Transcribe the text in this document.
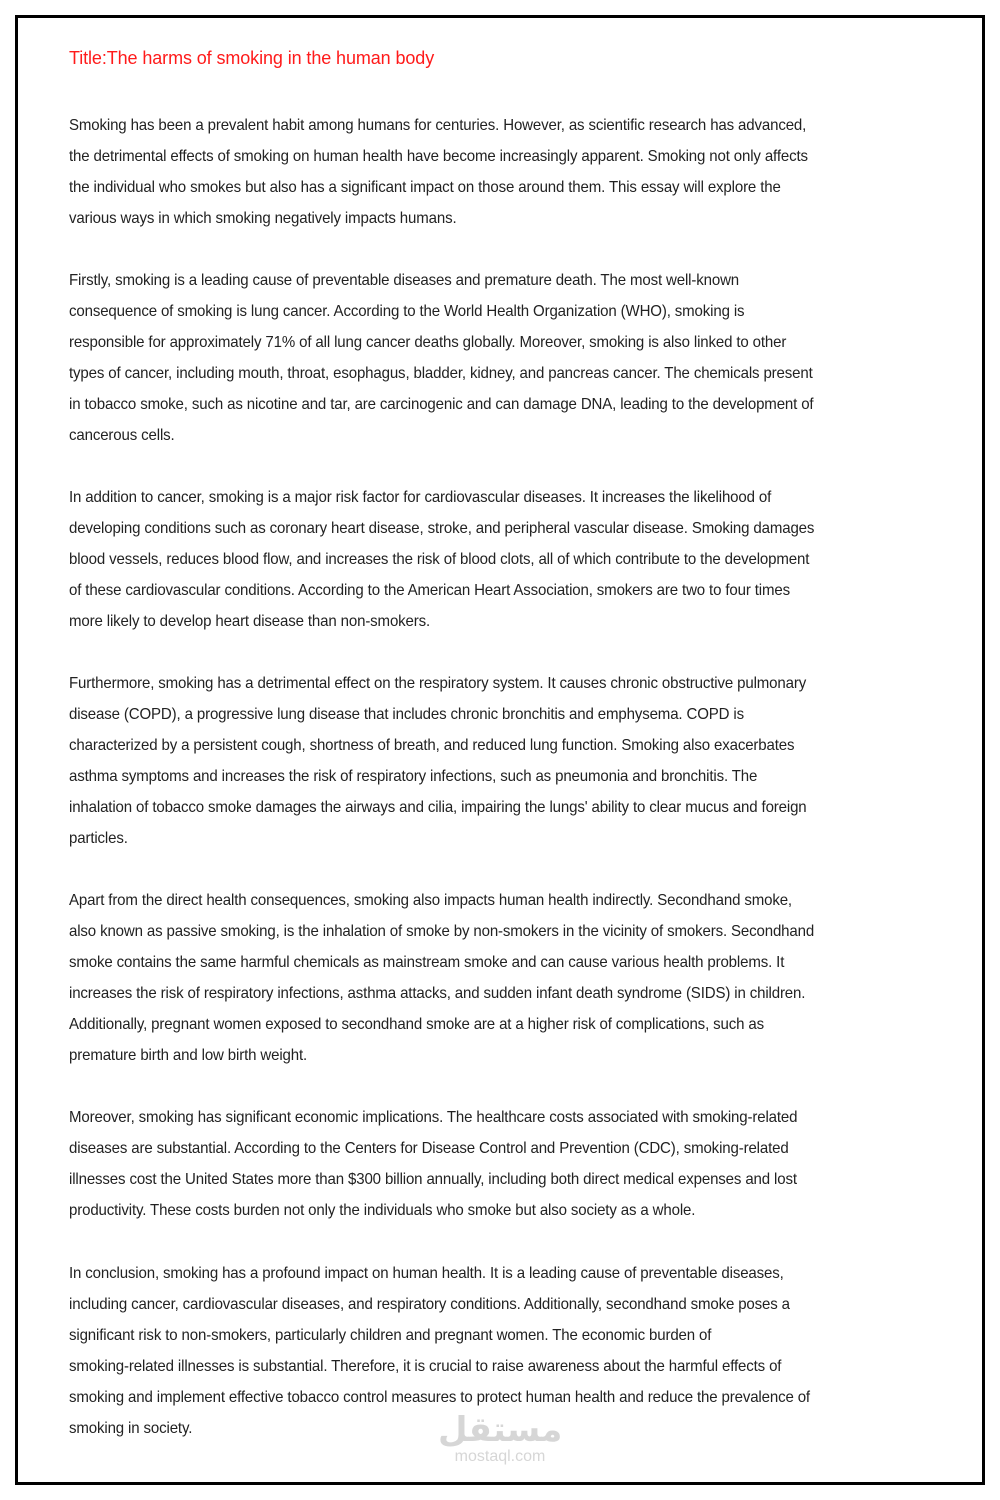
Title:The harms of smoking in the human body
Smoking has been a prevalent habit among humans for centuries. However, as scientific research has advanced,
the detrimental effects of smoking on human health have become increasingly apparent. Smoking not only affects
the individual who smokes but also has a significant impact on those around them. This essay will explore the
various ways in which smoking negatively impacts humans.
Firstly, smoking is a leading cause of preventable diseases and premature death. The most well-known
consequence of smoking is lung cancer. According to the World Health Organization (WHO), smoking is
responsible for approximately 71% of all lung cancer deaths globally. Moreover, smoking is also linked to other
types of cancer, including mouth, throat, esophagus, bladder, kidney, and pancreas cancer. The chemicals present
in tobacco smoke, such as nicotine and tar, are carcinogenic and can damage DNA, leading to the development of
cancerous cells.
In addition to cancer, smoking is a major risk factor for cardiovascular diseases. It increases the likelihood of
developing conditions such as coronary heart disease, stroke, and peripheral vascular disease. Smoking damages
blood vessels, reduces blood flow, and increases the risk of blood clots, all of which contribute to the development
of these cardiovascular conditions. According to the American Heart Association, smokers are two to four times
more likely to develop heart disease than non-smokers.
Furthermore, smoking has a detrimental effect on the respiratory system. It causes chronic obstructive pulmonary
disease (COPD), a progressive lung disease that includes chronic bronchitis and emphysema. COPD is
characterized by a persistent cough, shortness of breath, and reduced lung function. Smoking also exacerbates
asthma symptoms and increases the risk of respiratory infections, such as pneumonia and bronchitis. The
inhalation of tobacco smoke damages the airways and cilia, impairing the lungs' ability to clear mucus and foreign
particles.
Apart from the direct health consequences, smoking also impacts human health indirectly. Secondhand smoke,
also known as passive smoking, is the inhalation of smoke by non-smokers in the vicinity of smokers. Secondhand
smoke contains the same harmful chemicals as mainstream smoke and can cause various health problems. It
increases the risk of respiratory infections, asthma attacks, and sudden infant death syndrome (SIDS) in children.
Additionally, pregnant women exposed to secondhand smoke are at a higher risk of complications, such as
premature birth and low birth weight.
Moreover, smoking has significant economic implications. The healthcare costs associated with smoking-related
diseases are substantial. According to the Centers for Disease Control and Prevention (CDC), smoking-related
illnesses cost the United States more than $300 billion annually, including both direct medical expenses and lost
productivity. These costs burden not only the individuals who smoke but also society as a whole.
In conclusion, smoking has a profound impact on human health. It is a leading cause of preventable diseases,
including cancer, cardiovascular diseases, and respiratory conditions. Additionally, secondhand smoke poses a
significant risk to non-smokers, particularly children and pregnant women. The economic burden of
smoking-related illnesses is substantial. Therefore, it is crucial to raise awareness about the harmful effects of
smoking and implement effective tobacco control measures to protect human health and reduce the prevalence of
smoking in society.	مستقل
mostaql.com
